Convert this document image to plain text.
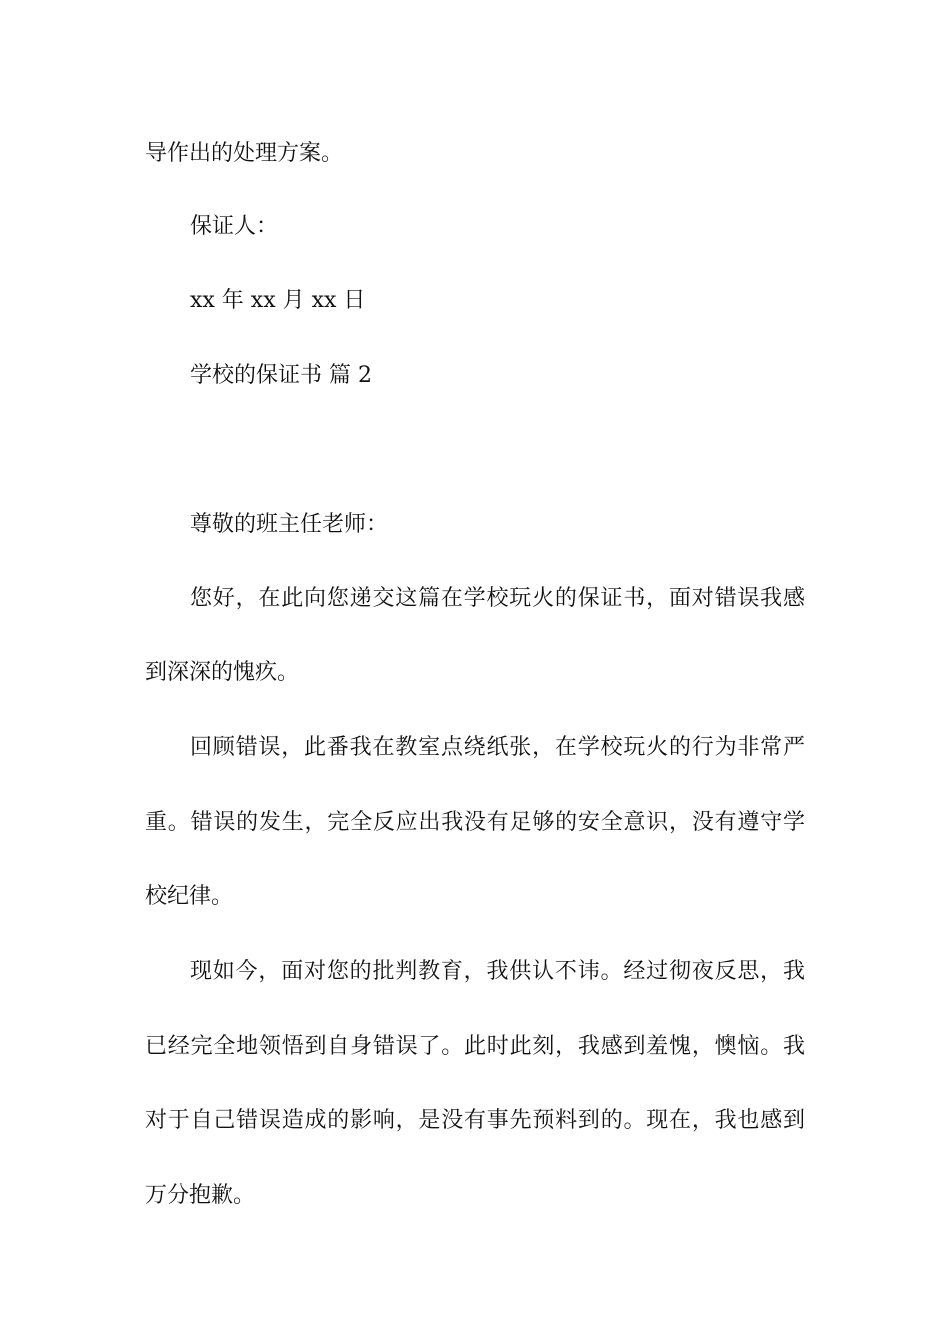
导作出的处理方案。

保证人：

xx 年 xx 月 xx 日

学校的保证书 篇 2

尊敬的班主任老师：

您好，在此向您递交这篇在学校玩火的保证书，面对错误我感

到深深的愧疚。

回顾错误，此番我在教室点绕纸张，在学校玩火的行为非常严

重。错误的发生，完全反应出我没有足够的安全意识，没有遵守学

校纪律。

现如今，面对您的批判教育，我供认不讳。经过彻夜反思，我

已经完全地领悟到自身错误了。此时此刻，我感到羞愧，懊恼。我

对于自己错误造成的影响，是没有事先预料到的。现在，我也感到

万分抱歉。
